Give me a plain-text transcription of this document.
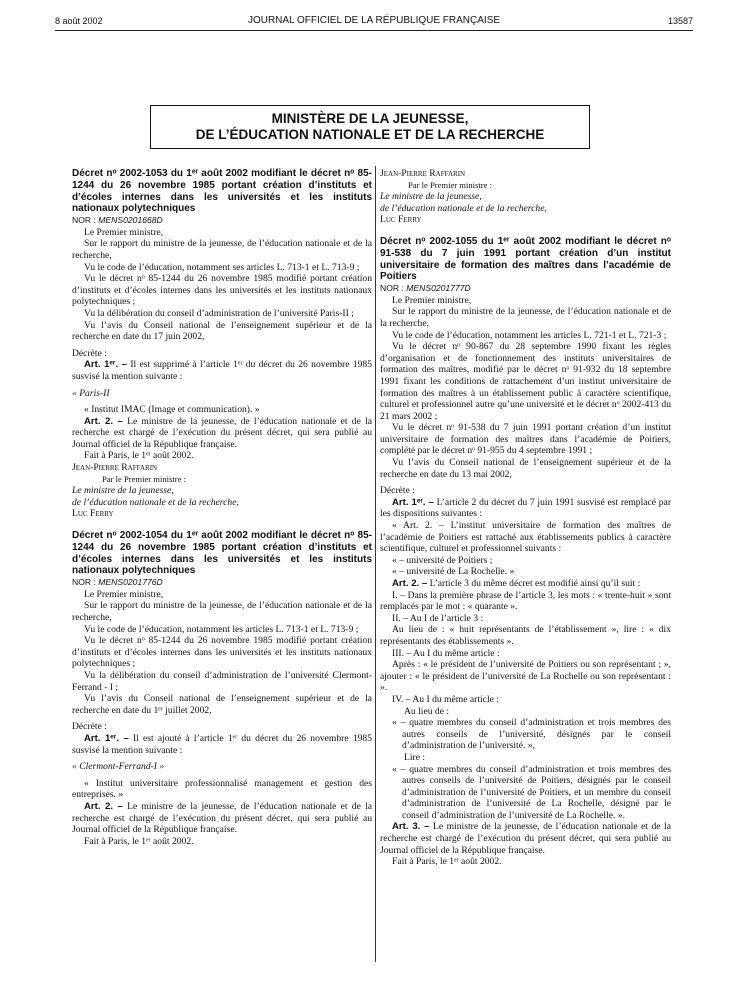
8 août 2002	JOURNAL OFFICIEL DE LA RÉPUBLIQUE FRANÇAISE	13587
MINISTÈRE DE LA JEUNESSE,
DE L’ÉDUCATION NATIONALE ET DE LA RECHERCHE

Décret nᵒ 2002-1053 du 1ᵉʳ août 2002 modifiant le décret nᵒ 85-1244 du 26 novembre 1985 portant création d’instituts et d’écoles internes dans les universités et les instituts nationaux polytechniques

NOR : MENS0201668D

Le Premier ministre,

Sur le rapport du ministre de la jeunesse, de l’éducation nationale et de la recherche,

Vu le code de l’éducation, notamment ses articles L. 713-1 et L. 713-9 ;

Vu le décret nᵒ 85-1244 du 26 novembre 1985 modifié portant création d’instituts et d’écoles internes dans les universités et les instituts nationaux polytechniques ;

Vu la délibération du conseil d’administration de l’université Paris-II ;

Vu l’avis du Conseil national de l’enseignement supérieur et de la recherche en date du 17 juin 2002,

Décrète :

Art. 1ᵉʳ. – Il est supprimé à l’article 1ᵉʳ du décret du 26 novembre 1985 susvisé la mention suivante :

« Paris-II

« Institut IMAC (Image et communication). »

Art. 2. – Le ministre de la jeunesse, de l’éducation nationale et de la recherche est chargé de l’exécution du présent décret, qui sera publié au Journal officiel de la République française.

Fait à Paris, le 1ᵉʳ août 2002.

Jean-Pierre Raffarin

Par le Premier ministre :

Le ministre de la jeunesse,

de l’éducation nationale et de la recherche,

Luc Ferry

Décret nᵒ 2002-1054 du 1ᵉʳ août 2002 modifiant le décret nᵒ 85-1244 du 26 novembre 1985 portant création d’instituts et d’écoles internes dans les universités et les instituts nationaux polytechniques

NOR : MENS0201776D

Le Premier ministre,

Sur le rapport du ministre de la jeunesse, de l’éducation nationale et de la recherche,

Vu le code de l’éducation, notamment les articles L. 713-1 et L. 713-9 ;

Vu le décret nᵒ 85-1244 du 26 novembre 1985 modifié portant création d’instituts et d’écoles internes dans les universités et les instituts nationaux polytechniques ;

Vu la délibération du conseil d’administration de l’université Clermont-Ferrand - I ;

Vu l’avis du Conseil national de l’enseignement supérieur et de la recherche en date du 1ᵉʳ juillet 2002,

Décrète :

Art. 1ᵉʳ. – Il est ajouté à l’article 1ᵉʳ du décret du 26 novembre 1985 susvisé la mention suivante :

« Clermont-Ferrand-I »

« Institut universitaire professionnalisé management et gestion des entreprises. »

Art. 2. – Le ministre de la jeunesse, de l’éducation nationale et de la recherche est chargé de l’exécution du présent décret, qui sera publié au Journal officiel de la République française.

Fait à Paris, le 1ᵉʳ août 2002.

Jean-Pierre Raffarin

Par le Premier ministre :

Le ministre de la jeunesse,

de l’éducation nationale et de la recherche,

Luc Ferry

Décret nᵒ 2002-1055 du 1ᵉʳ août 2002 modifiant le décret nᵒ 91-538 du 7 juin 1991 portant création d’un institut universitaire de formation des maîtres dans l’académie de Poitiers

NOR : MENS0201777D

Le Premier ministre,

Sur le rapport du ministre de la jeunesse, de l’éducation nationale et de la recherche,

Vu le code de l’éducation, notamment les articles L. 721-1 et L. 721-3 ;

Vu le décret nᵒ 90-867 du 28 septembre 1990 fixant les règles d’organisation et de fonctionnement des instituts universitaires de formation des maîtres, modifié par le décret nᵒ 91-932 du 18 septembre 1991 fixant les conditions de rattachement d’un institut universitaire de formation des maîtres à un établissement public à caractère scientifique, culturel et professionnel autre qu’une université et le décret nᵒ 2002-413 du 21 mars 2002 ;

Vu le décret nᵒ 91-538 du 7 juin 1991 portant création d’un institut universitaire de formation des maîtres dans l’académie de Poitiers, complété par le décret nᵒ 91-955 du 4 septembre 1991 ;

Vu l’avis du Conseil national de l’enseignement supérieur et de la recherche en date du 13 mai 2002,

Décrète :

Art. 1ᵉʳ. – L’article 2 du décret du 7 juin 1991 susvisé est remplacé par les dispositions suivantes :

« Art. 2. – L’institut universitaire de formation des maîtres de l’académie de Poitiers est rattaché aux établissements publics à caractère scientifique, culturel et professionnel suivants :

« – université de Poitiers ;

« – université de La Rochelle. »

Art. 2. – L’article 3 du même décret est modifié ainsi qu’il suit :

I. – Dans la première phrase de l’article 3, les mots : « trente-huit » sont remplacés par le mot : « quarante ».

II. – Au I de l’article 3 :

Au lieu de : « huit représentants de l’établissement », lire : « dix représentants des établissements ».

III. – Au I du même article :

Après : « le président de l’université de Poitiers ou son représentant ; », ajouter : « le président de l’université de La Rochelle ou son représentant : ».

IV. – Au I du même article :

Au lieu de :

« – quatre membres du conseil d’administration et trois membres des autres conseils de l’université, désignés par le conseil d’administration de l’université. »,

Lire :

« – quatre membres du conseil d’administration et trois membres des autres conseils de l’université de Poitiers, désignés par le conseil d’administration de l’université de Poitiers, et un membre du conseil d’administration de l’université de La Rochelle, désigné par le conseil d’administration de l’université de La Rochelle. ».

Art. 3. – Le ministre de la jeunesse, de l’éducation nationale et de la recherche est chargé de l’exécution du présent décret, qui sera publié au Journal officiel de la République française.

Fait à Paris, le 1ᵉʳ août 2002.
